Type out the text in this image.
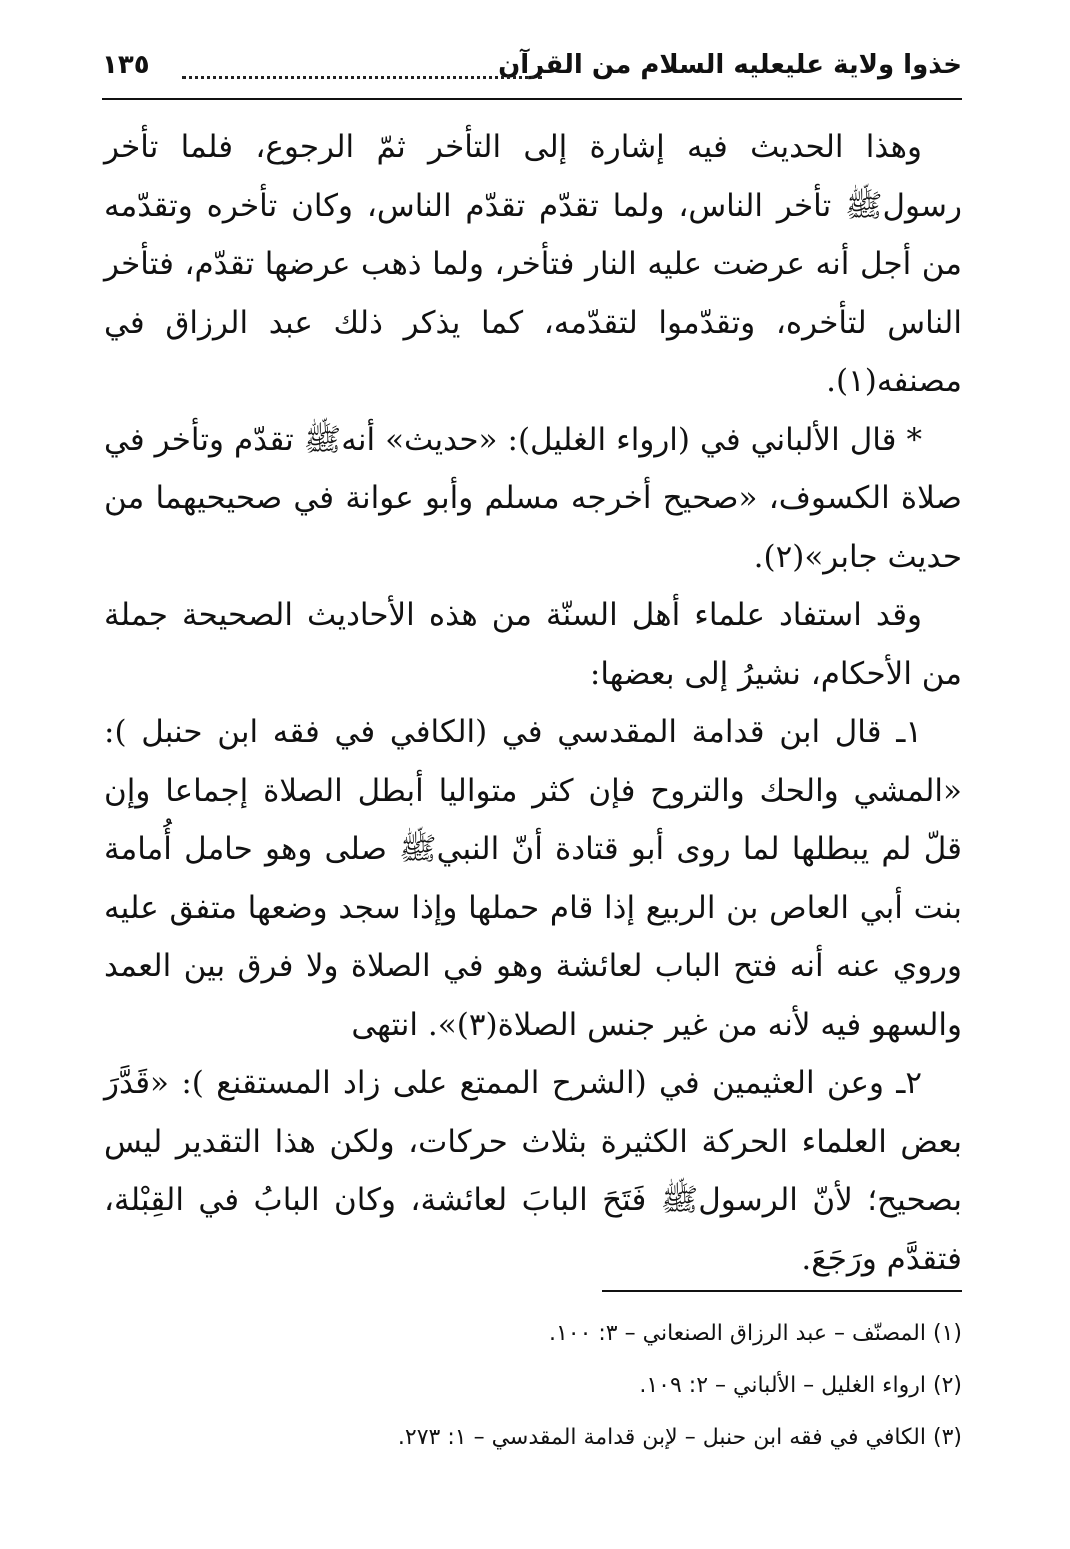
خذوا ولاية عليعليه السلام من القرآن
١٣٥

وهذا الحديث فيه إشارة إلى التأخر ثمّ الرجوع، فلما تأخر رسولﷺ تأخر الناس، ولما تقدّم تقدّم الناس، وكان تأخره وتقدّمه من أجل أنه عرضت عليه النار فتأخر، ولما ذهب عرضها تقدّم، فتأخر الناس لتأخره، وتقدّموا لتقدّمه، كما يذكر ذلك عبد الرزاق في مصنفه(١).

* قال الألباني في (ارواء الغليل): «حديث» أنهﷺ تقدّم وتأخر في صلاة الكسوف، «صحيح أخرجه مسلم وأبو عوانة في صحيحيهما من حديث جابر»(٢).

وقد استفاد علماء أهل السنّة من هذه الأحاديث الصحيحة جملة من الأحكام، نشيرُ إلى بعضها:

١ـ قال ابن قدامة المقدسي في (الكافي في فقه ابن حنبل ): «المشي والحك والتروح فإن كثر متواليا أبطل الصلاة إجماعا وإن قلّ لم يبطلها لما روى أبو قتادة أنّ النبيﷺ صلى وهو حامل أُمامة بنت أبي العاص بن الربيع إذا قام حملها وإذا سجد وضعها متفق عليه وروي عنه أنه فتح الباب لعائشة وهو في الصلاة ولا فرق بين العمد والسهو فيه لأنه من غير جنس الصلاة(٣)». انتهى

٢ـ وعن العثيمين في (الشرح الممتع على زاد المستقنع ): «قَدَّرَ بعض العلماء الحركة الكثيرة بثلاث حركات، ولكن هذا التقدير ليس بصحيح؛ لأنّ الرسولﷺ فَتَحَ البابَ لعائشة، وكان البابُ في القِبْلة، فتقدَّم ورَجَعَ.

(١) المصنّف – عبد الرزاق الصنعاني – ٣: ١٠٠.

(٢) ارواء الغليل – الألباني – ٢: ١٠٩.

(٣) الكافي في فقه ابن حنبل – لإبن قدامة المقدسي – ١: ٢٧٣.
